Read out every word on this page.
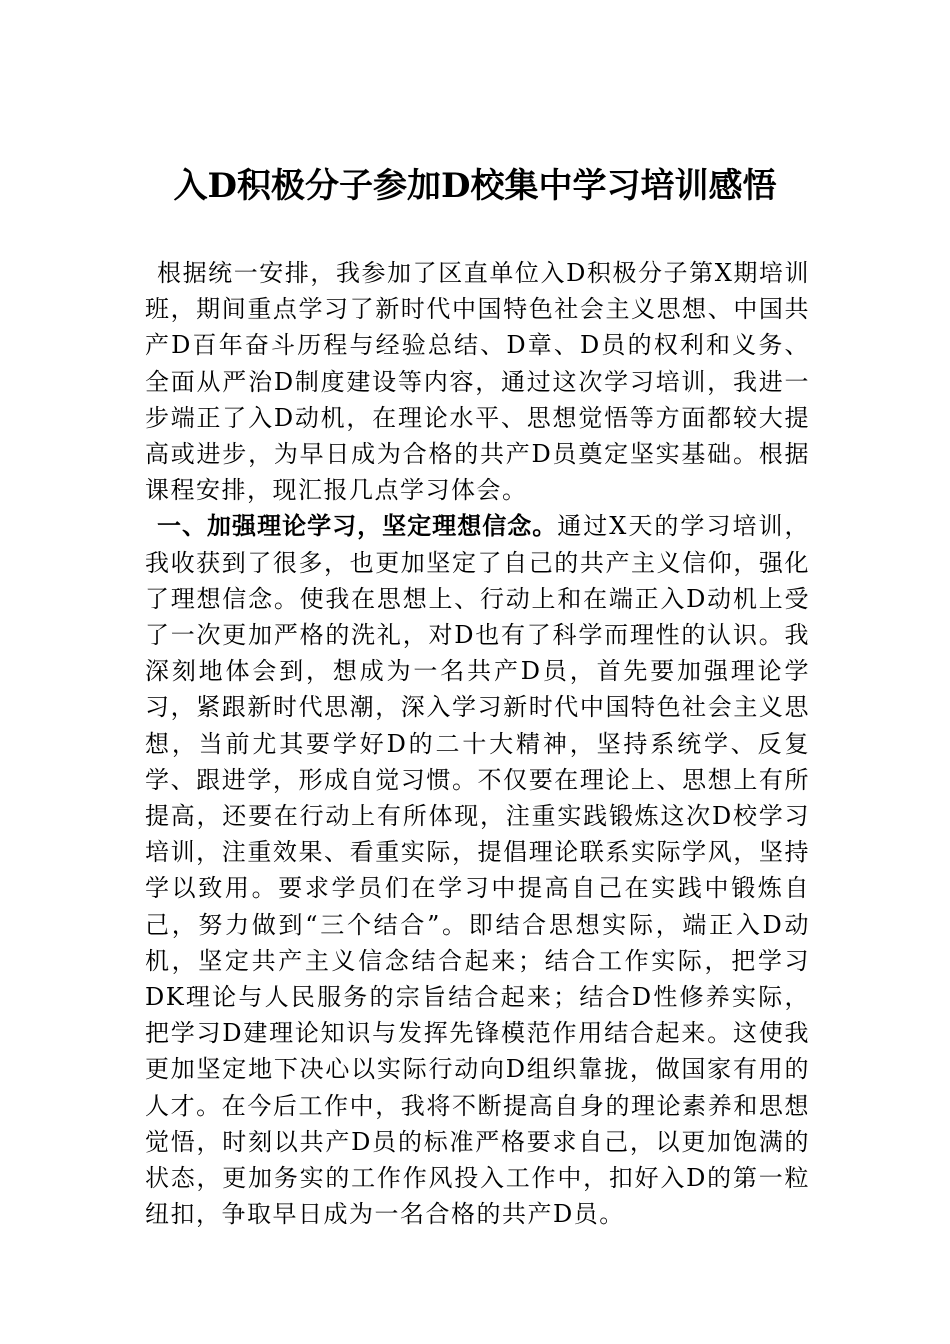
入D积极分子参加D校集中学习培训感悟

根据统一安排，我参加了区直单位入D积极分子第X期培训班，期间重点学习了新时代中国特色社会主义思想、中国共产D百年奋斗历程与经验总结、D章、D员的权利和义务、全面从严治D制度建设等内容，通过这次学习培训，我进一步端正了入D动机，在理论水平、思想觉悟等方面都较大提高或进步，为早日成为合格的共产D员奠定坚实基础。根据课程安排，现汇报几点学习体会。

一、加强理论学习，坚定理想信念。通过X天的学习培训，我收获到了很多，也更加坚定了自己的共产主义信仰，强化了理想信念。使我在思想上、行动上和在端正入D动机上受了一次更加严格的洗礼，对D也有了科学而理性的认识。我深刻地体会到，想成为一名共产D员，首先要加强理论学习，紧跟新时代思潮，深入学习新时代中国特色社会主义思想，当前尤其要学好D的二十大精神，坚持系统学、反复学、跟进学，形成自觉习惯。不仅要在理论上、思想上有所提高，还要在行动上有所体现，注重实践锻炼这次D校学习培训，注重效果、看重实际，提倡理论联系实际学风，坚持学以致用。要求学员们在学习中提高自己在实践中锻炼自己，努力做到“三个结合”。即结合思想实际，端正入D动机，坚定共产主义信念结合起来；结合工作实际，把学习DK理论与人民服务的宗旨结合起来；结合D性修养实际，把学习D建理论知识与发挥先锋模范作用结合起来。这使我更加坚定地下决心以实际行动向D组织靠拢，做国家有用的人才。在今后工作中，我将不断提高自身的理论素养和思想觉悟，时刻以共产D员的标准严格要求自己，以更加饱满的状态，更加务实的工作作风投入工作中，扣好入D的第一粒纽扣，争取早日成为一名合格的共产D员。
